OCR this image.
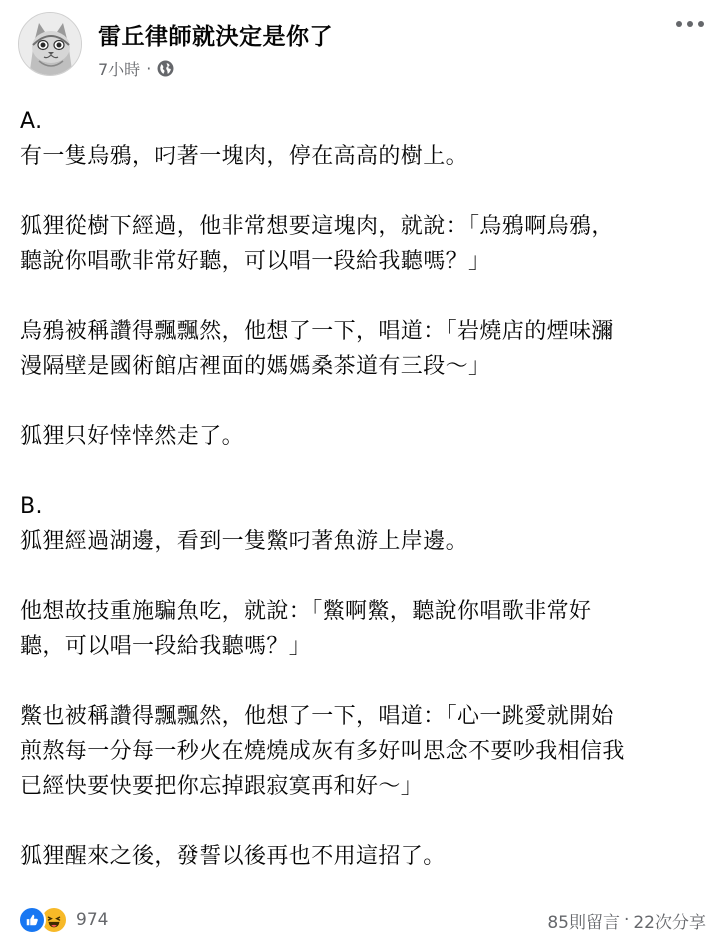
雷丘律師就決定是你了
7小時 ·

A.
有一隻烏鴉，叼著一塊肉，停在高高的樹上。

狐狸從樹下經過，他非常想要這塊肉，就說：「烏鴉啊烏鴉，
聽說你唱歌非常好聽，可以唱一段給我聽嗎？」

烏鴉被稱讚得飄飄然，他想了一下，唱道：「岩燒店的煙味瀰
漫隔壁是國術館店裡面的媽媽桑茶道有三段～」

狐狸只好悻悻然走了。

B.
狐狸經過湖邊，看到一隻鱉叼著魚游上岸邊。

他想故技重施騙魚吃，就說：「鱉啊鱉，聽說你唱歌非常好
聽，可以唱一段給我聽嗎？」

鱉也被稱讚得飄飄然，他想了一下，唱道：「心一跳愛就開始
煎熬每一分每一秒火在燒燒成灰有多好叫思念不要吵我相信我
已經快要快要把你忘掉跟寂寞再和好～」

狐狸醒來之後，發誓以後再也不用這招了。

974	85則留言 · 22次分享
